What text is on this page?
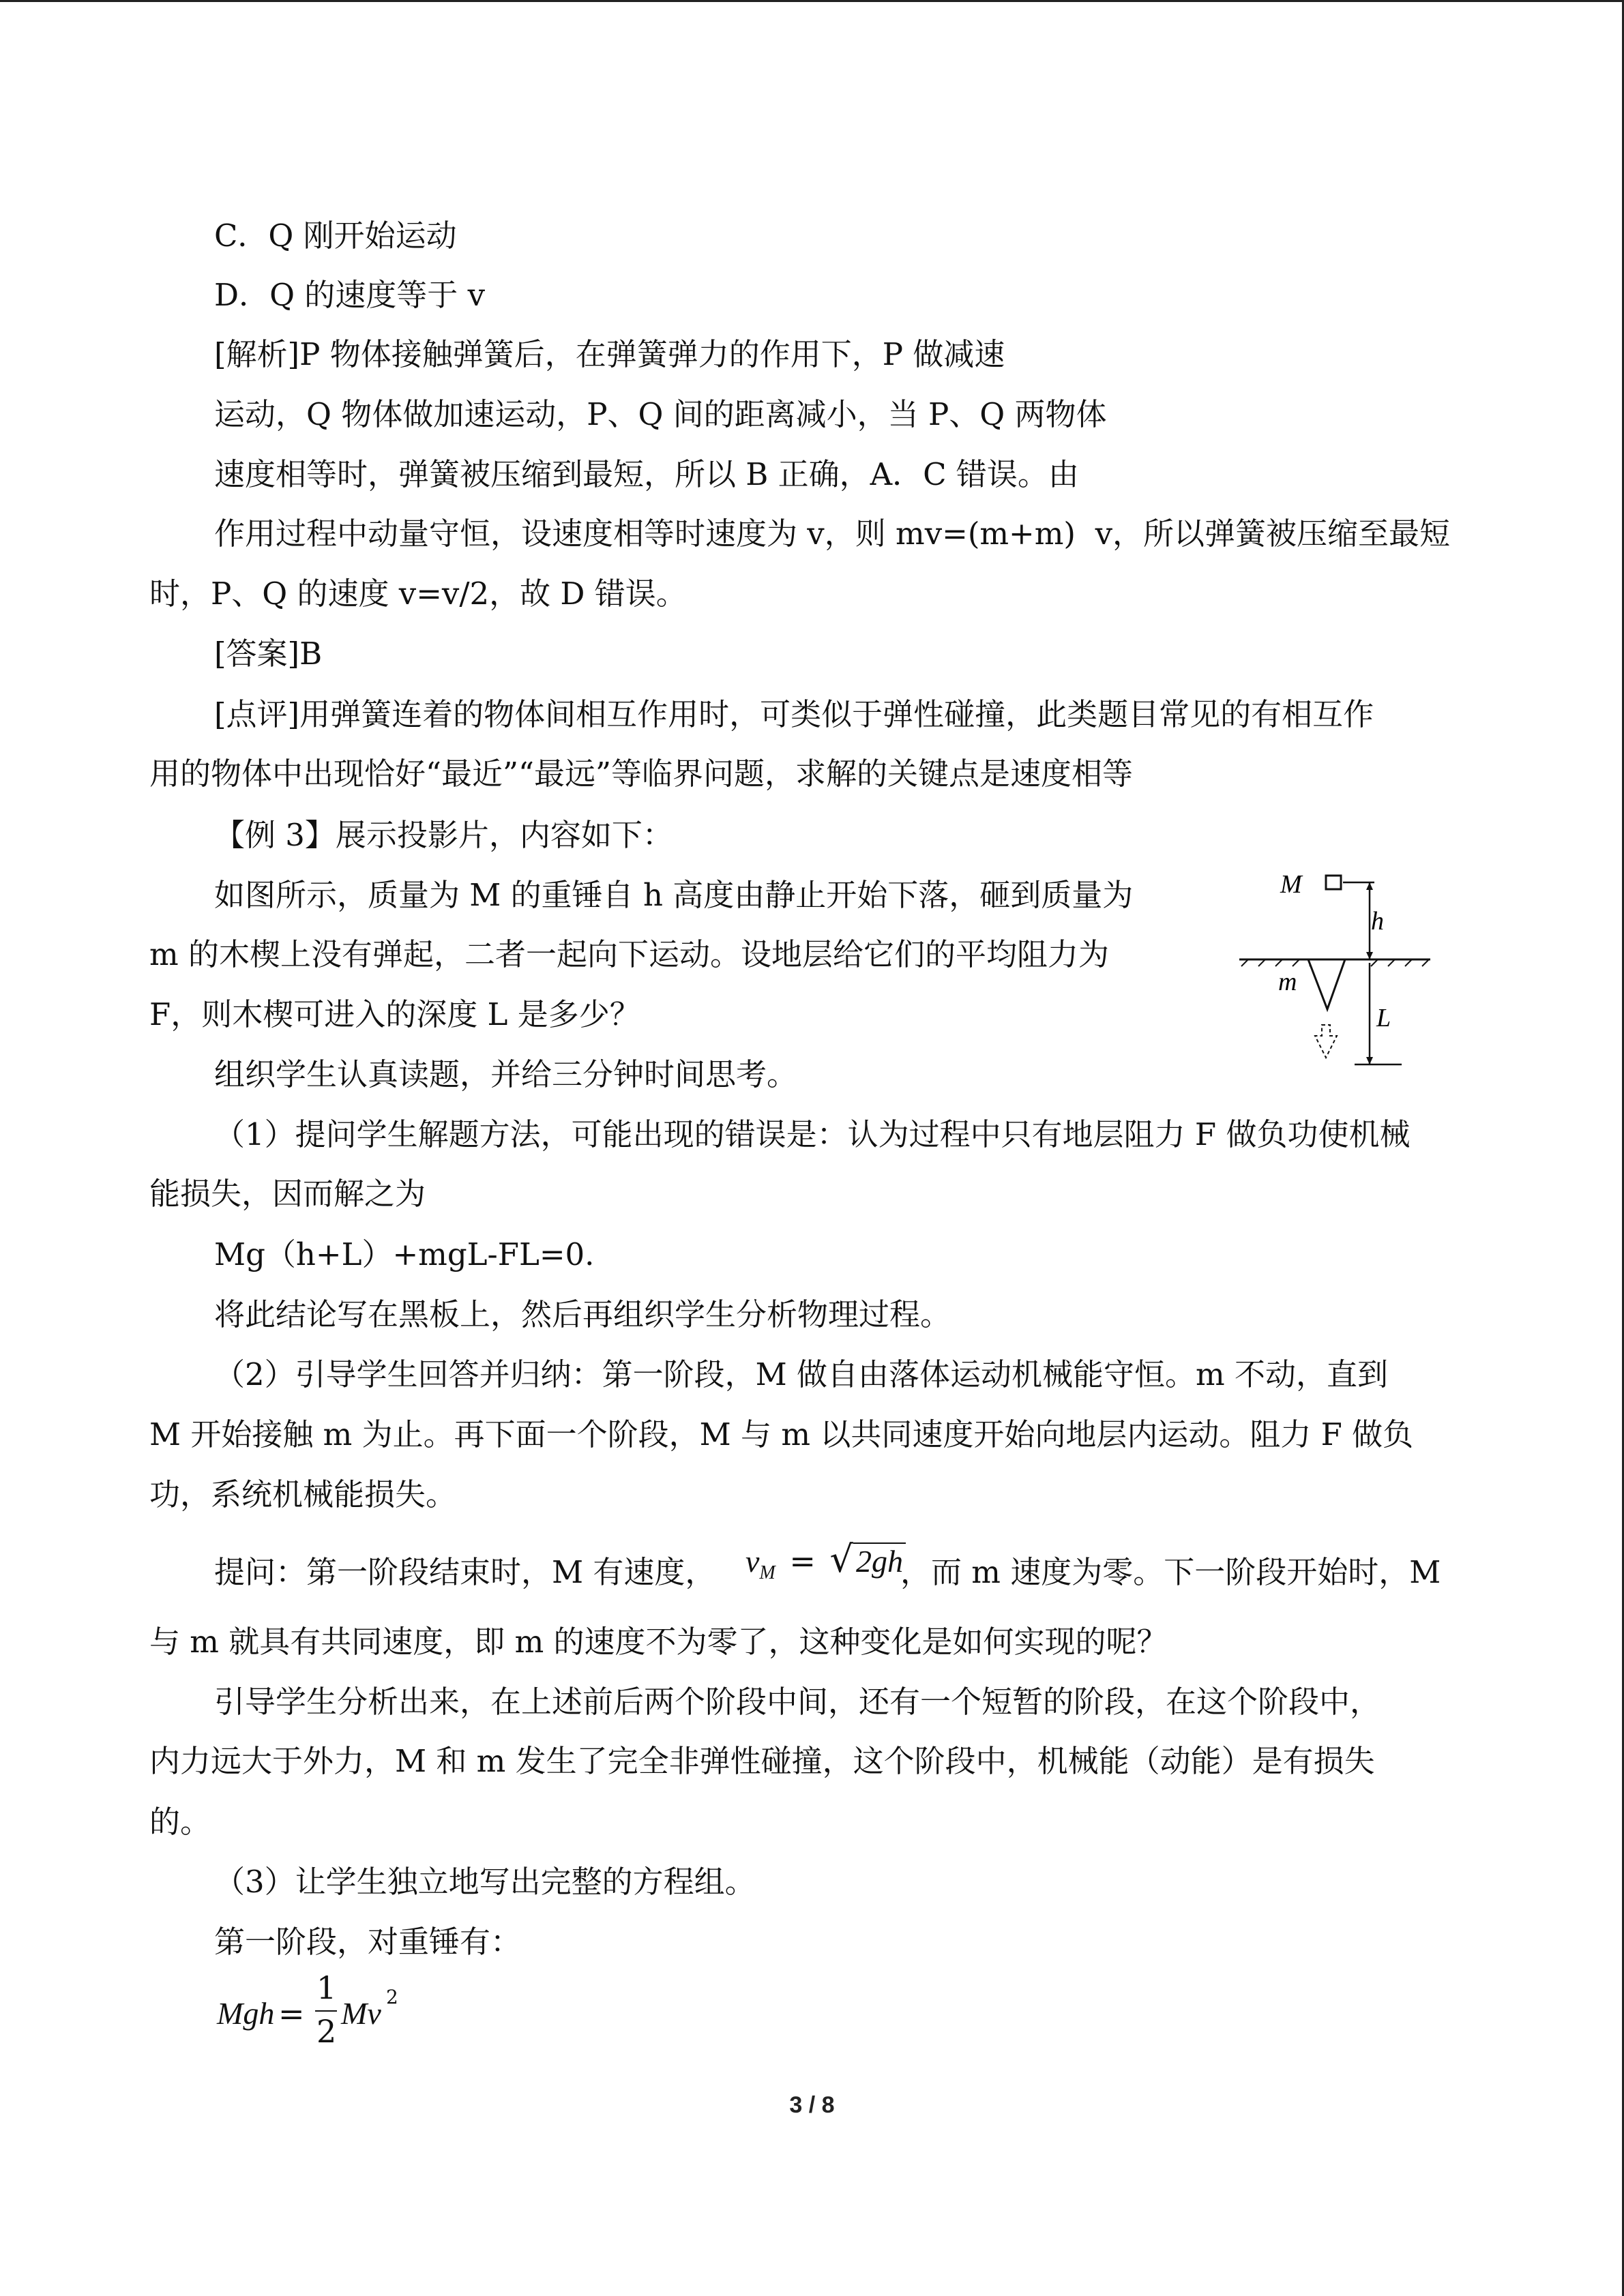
C．Q 刚开始运动
D．Q 的速度等于 v
[解析]P 物体接触弹簧后，在弹簧弹力的作用下，P 做减速
运动，Q 物体做加速运动，P、Q 间的距离减小，当 P、Q 两物体
速度相等时，弹簧被压缩到最短，所以 B 正确，A．C 错误。由
作用过程中动量守恒，设速度相等时速度为 v，则 mv=(m+m)  v，所以弹簧被压缩至最短
时，P、Q 的速度 v=v/2，故 D 错误。
[答案]B
[点评]用弹簧连着的物体间相互作用时，可类似于弹性碰撞，此类题目常见的有相互作
用的物体中出现恰好“最近”“最远”等临界问题，求解的关键点是速度相等
【例 3】展示投影片，内容如下：
如图所示，质量为 M 的重锤自 h 高度由静止开始下落，砸到质量为
m 的木楔上没有弹起，二者一起向下运动。设地层给它们的平均阻力为
F，则木楔可进入的深度 L 是多少？
组织学生认真读题，并给三分钟时间思考。
（1）提问学生解题方法，可能出现的错误是：认为过程中只有地层阻力 F 做负功使机械
能损失，因而解之为
Mg（h+L）+mgL-FL=0.
将此结论写在黑板上，然后再组织学生分析物理过程。
（2）引导学生回答并归纳：第一阶段，M 做自由落体运动机械能守恒。m 不动，直到
M 开始接触 m 为止。再下面一个阶段，M 与 m 以共同速度开始向地层内运动。阻力 F 做负
功，系统机械能损失。
提问：第一阶段结束时，M 有速度， $v_M = √2gh$
，而 m 速度为零。下一阶段开始时，M
与 m 就具有共同速度，即 m 的速度不为零了，这种变化是如何实现的呢？
引导学生分析出来，在上述前后两个阶段中间，还有一个短暂的阶段，在这个阶段中，
内力远大于外力，M 和 m 发生了完全非弹性碰撞，这个阶段中，机械能（动能）是有损失
的。
（3）让学生独立地写出完整的方程组。
第一阶段，对重锤有：
Mgh =
1
2 Mv 2
M
h
m
L
3 / 8
